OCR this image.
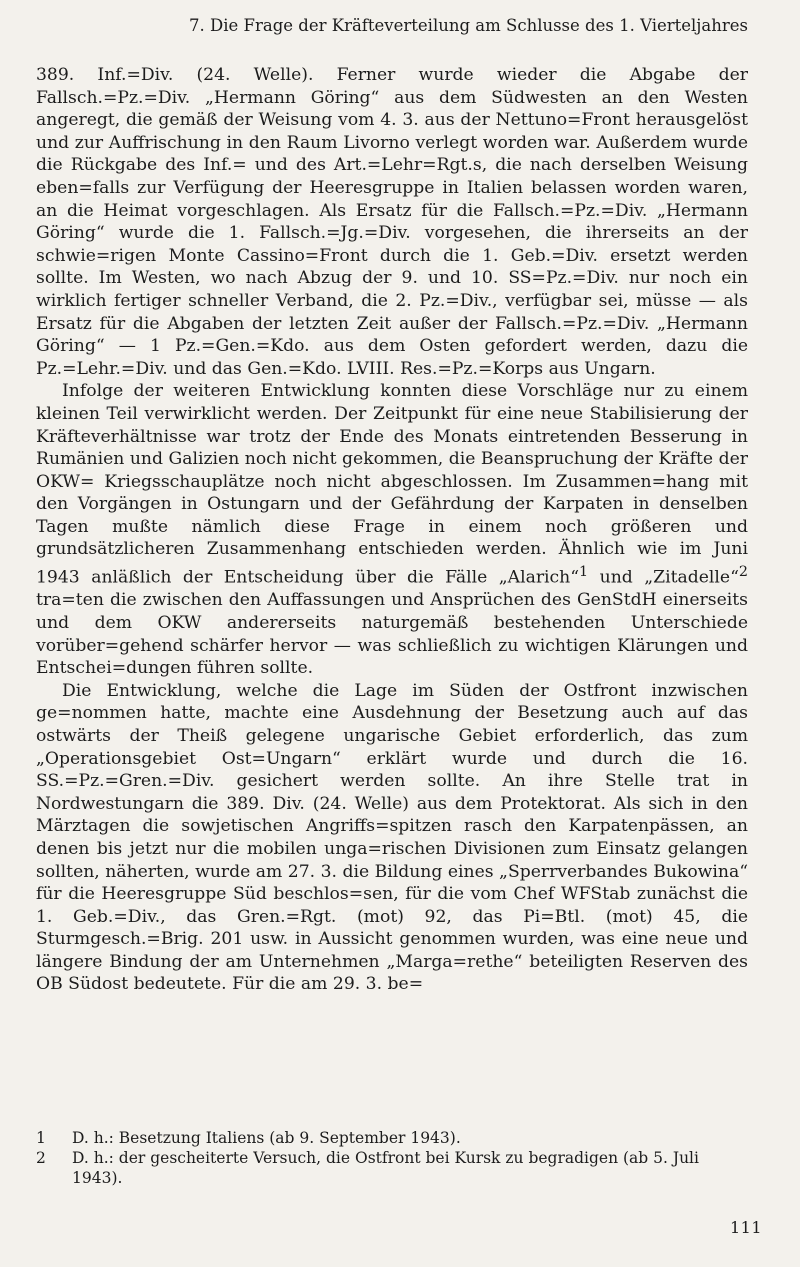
7. Die Frage der Kräfteverteilung am Schlusse des 1. Vierteljahres

389. Inf.=Div. (24. Welle). Ferner wurde wieder die Abgabe der Fallsch.=Pz.=Div. „Hermann Göring“ aus dem Südwesten an den Westen angeregt, die gemäß der Weisung vom 4. 3. aus der Nettuno=Front herausgelöst und zur Auffrischung in den Raum Livorno verlegt worden war. Außerdem wurde die Rückgabe des Inf.= und des Art.=Lehr=Rgt.s, die nach derselben Weisung eben=falls zur Verfügung der Heeresgruppe in Italien belassen worden waren, an die Heimat vorgeschlagen. Als Ersatz für die Fallsch.=Pz.=Div. „Hermann Göring“ wurde die 1. Fallsch.=Jg.=Div. vorgesehen, die ihrerseits an der schwie=rigen Monte Cassino=Front durch die 1. Geb.=Div. ersetzt werden sollte. Im Westen, wo nach Abzug der 9. und 10. SS=Pz.=Div. nur noch ein wirklich fertiger schneller Verband, die 2. Pz.=Div., verfügbar sei, müsse — als Ersatz für die Abgaben der letzten Zeit außer der Fallsch.=Pz.=Div. „Hermann Göring“ — 1 Pz.=Gen.=Kdo. aus dem Osten gefordert werden, dazu die Pz.=Lehr.=Div. und das Gen.=Kdo. LVIII. Res.=Pz.=Korps aus Ungarn.

Infolge der weiteren Entwicklung konnten diese Vorschläge nur zu einem kleinen Teil verwirklicht werden. Der Zeitpunkt für eine neue Stabilisierung der Kräfteverhältnisse war trotz der Ende des Monats eintretenden Besserung in Rumänien und Galizien noch nicht gekommen, die Beanspruchung der Kräfte der OKW= Kriegsschauplätze noch nicht abgeschlossen. Im Zusammen=hang mit den Vorgängen in Ostungarn und der Gefährdung der Karpaten in denselben Tagen mußte nämlich diese Frage in einem noch größeren und grundsätzlicheren Zusammenhang entschieden werden. Ähnlich wie im Juni 1943 anläßlich der Entscheidung über die Fälle „Alarich“$^1$ und „Zitadelle“$^2$ tra=ten die zwischen den Auffassungen und Ansprüchen des GenStdH einerseits und dem OKW andererseits naturgemäß bestehenden Unterschiede vorüber=gehend schärfer hervor — was schließlich zu wichtigen Klärungen und Entschei=dungen führen sollte.

Die Entwicklung, welche die Lage im Süden der Ostfront inzwischen ge=nommen hatte, machte eine Ausdehnung der Besetzung auch auf das ostwärts der Theiß gelegene ungarische Gebiet erforderlich, das zum „Operationsgebiet Ost=Ungarn“ erklärt wurde und durch die 16. SS.=Pz.=Gren.=Div. gesichert werden sollte. An ihre Stelle trat in Nordwestungarn die 389. Div. (24. Welle) aus dem Protektorat. Als sich in den Märztagen die sowjetischen Angriffs=spitzen rasch den Karpatenpässen, an denen bis jetzt nur die mobilen unga=rischen Divisionen zum Einsatz gelangen sollten, näherten, wurde am 27. 3. die Bildung eines „Sperrverbandes Bukowina“ für die Heeresgruppe Süd beschlos=sen, für die vom Chef WFStab zunächst die 1. Geb.=Div., das Gren.=Rgt. (mot) 92, das Pi=Btl. (mot) 45, die Sturmgesch.=Brig. 201 usw. in Aussicht genommen wurden, was eine neue und längere Bindung der am Unternehmen „Marga=rethe“ beteiligten Reserven des OB Südost bedeutete. Für die am 29. 3. be=

1	D. h.: Besetzung Italiens (ab 9. September 1943).
2	D. h.: der gescheiterte Versuch, die Ostfront bei Kursk zu begradigen (ab 5. Juli 1943).
111
